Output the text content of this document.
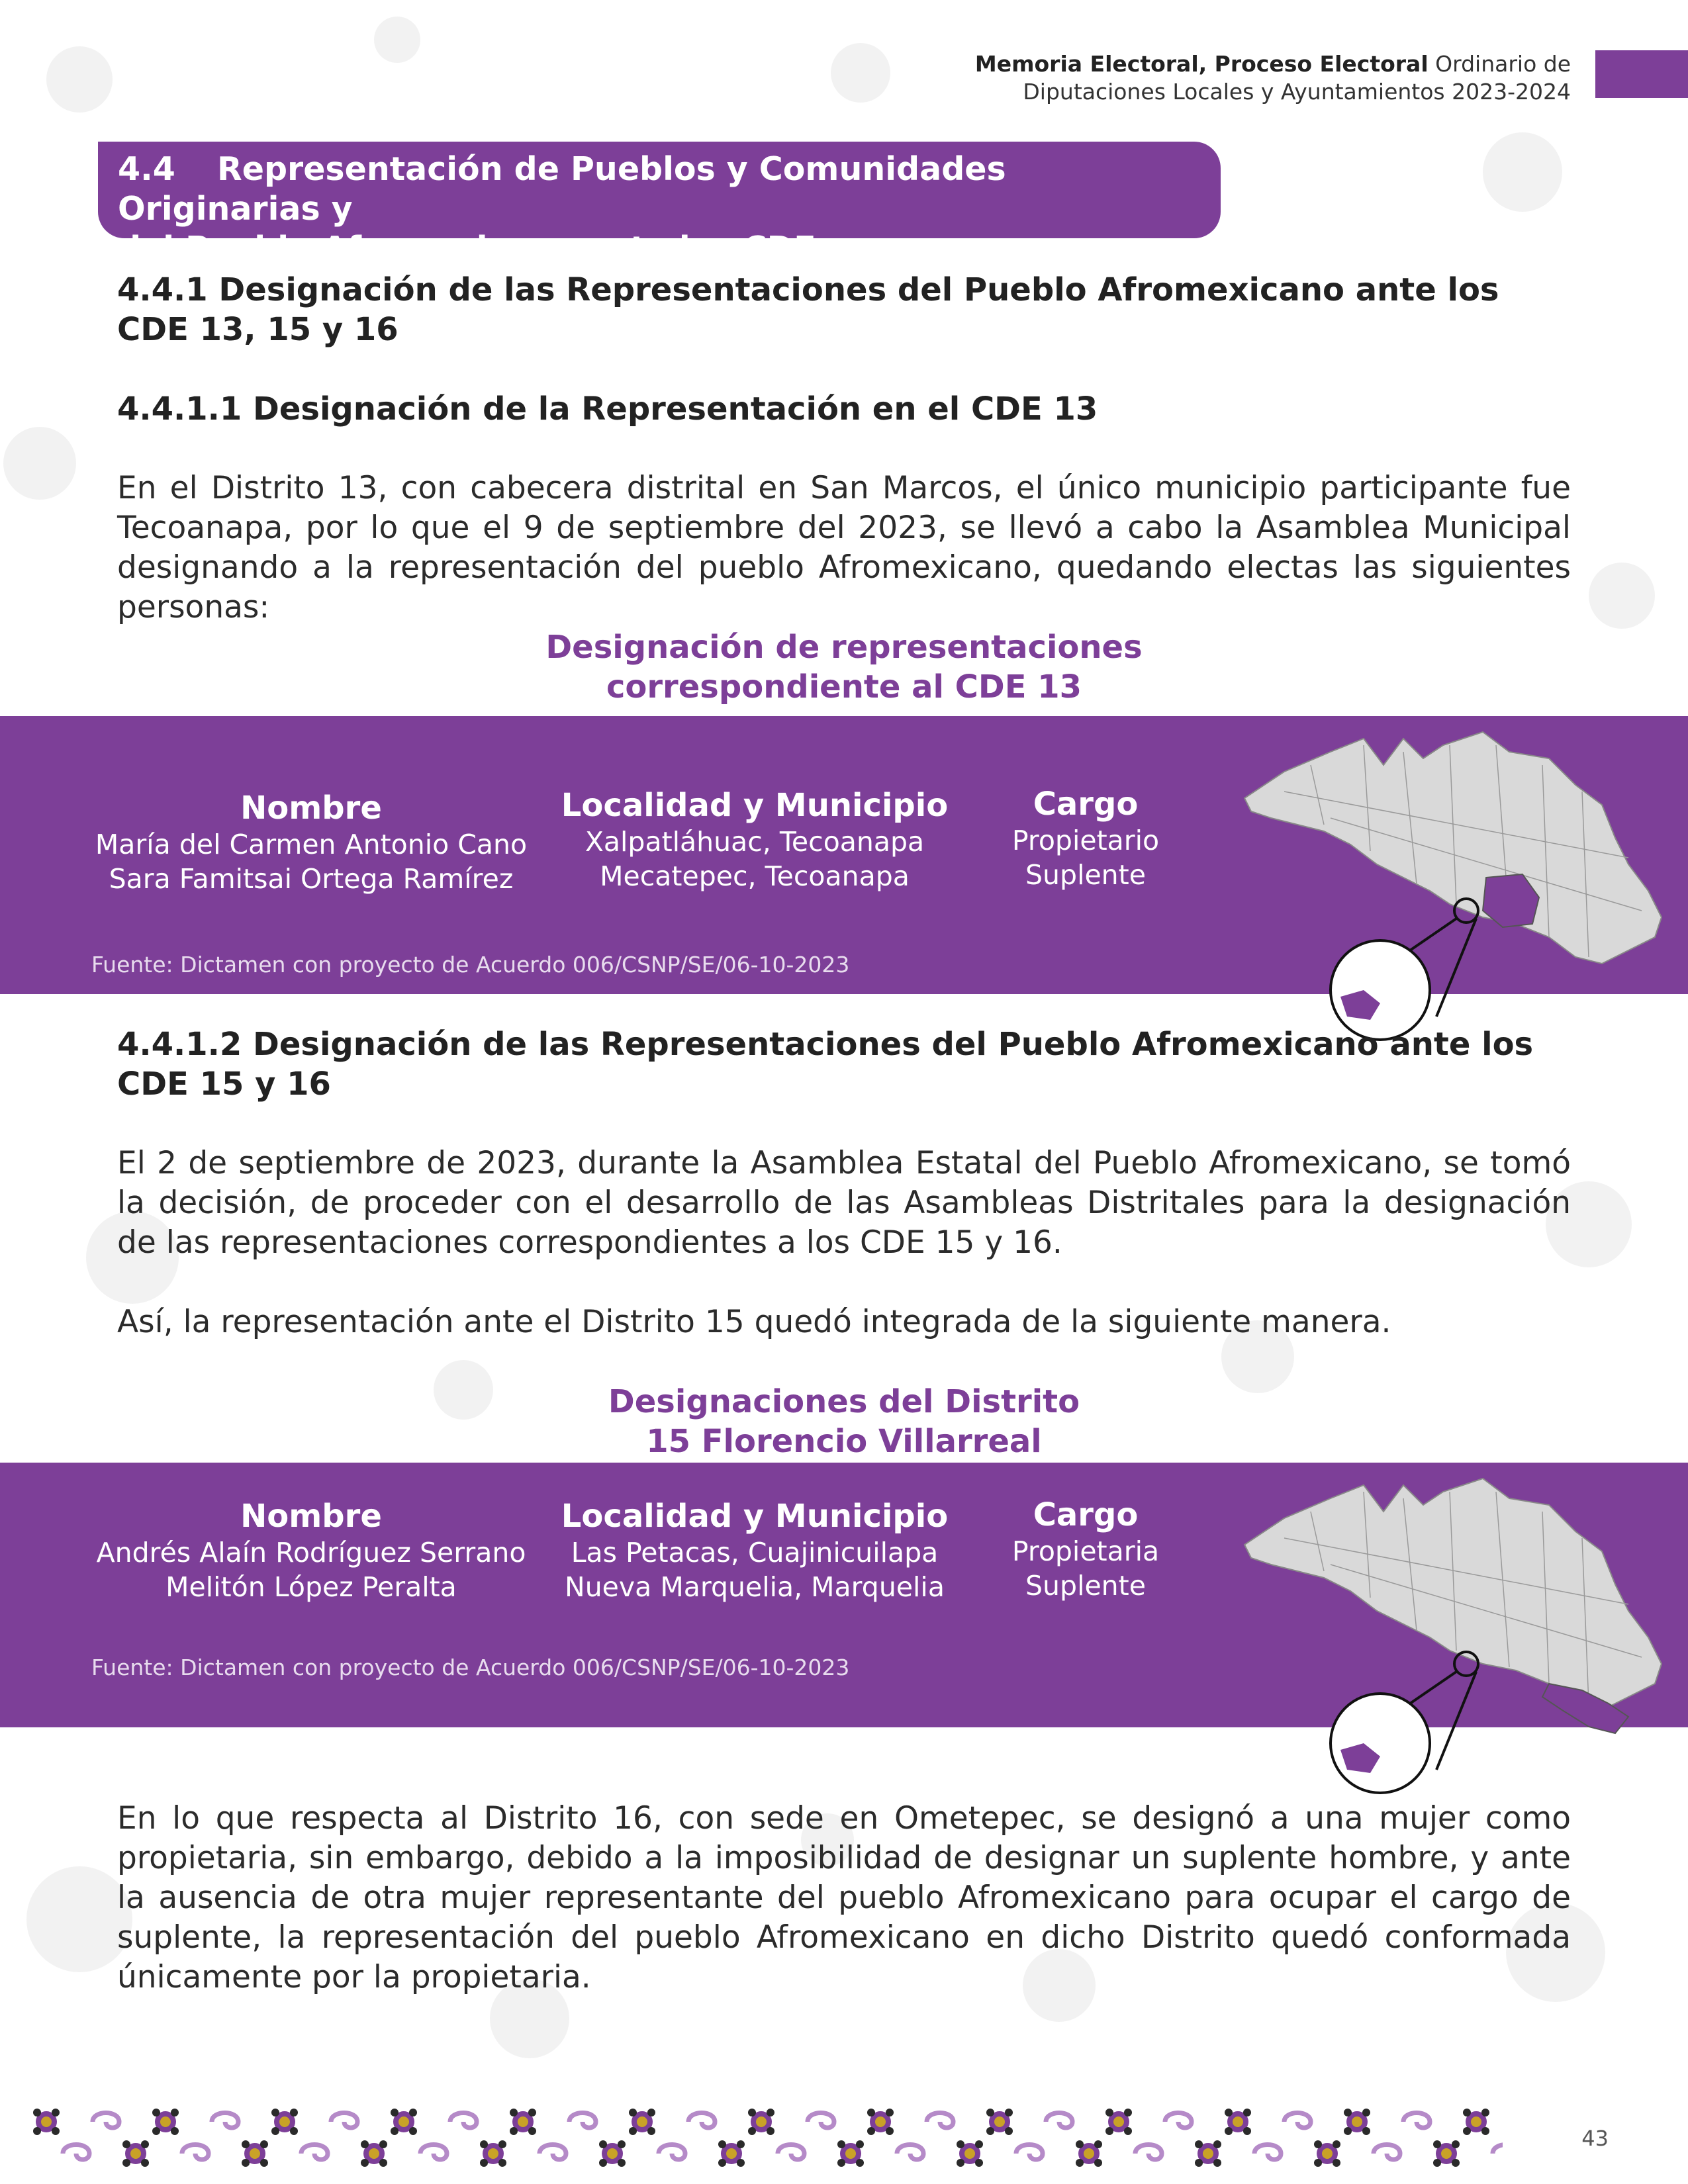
Memoria Electoral, Proceso Electoral Ordinario de
Diputaciones Locales y Ayuntamientos 2023-2024
4.4 Representación de Pueblos y Comunidades Originarias y
del Pueblo Afromexicano ante los CDE
4.4.1 Designación de las Representaciones del Pueblo Afromexicano ante los CDE 13, 15 y 16
4.4.1.1 Designación de la Representación en el CDE 13

En el Distrito 13, con cabecera distrital en San Marcos, el único municipio participante fue Tecoanapa, por lo que el 9 de septiembre del 2023, se llevó a cabo la Asamblea Municipal designando a la representación del pueblo Afromexicano, quedando electas las siguientes personas:

Designación de representaciones
correspondiente al CDE 13
Nombre
María del Carmen Antonio Cano
Sara Famitsai Ortega Ramírez
Localidad y Municipio
Xalpatláhuac, Tecoanapa
Mecatepec, Tecoanapa
Cargo
Propietario
Suplente
Fuente: Dictamen con proyecto de Acuerdo 006/CSNP/SE/06-10-2023
4.4.1.2 Designación de las Representaciones del Pueblo Afromexicano ante los CDE 15 y 16

El 2 de septiembre de 2023, durante la Asamblea Estatal del Pueblo Afromexicano, se tomó la decisión, de proceder con el desarrollo de las Asambleas Distritales para la designación de las representaciones correspondientes a los CDE 15 y 16.

Así, la representación ante el Distrito 15 quedó integrada de la siguiente manera.

Designaciones del Distrito
15 Florencio Villarreal
Nombre
Andrés Alaín Rodríguez Serrano
Melitón López Peralta
Localidad y Municipio
Las Petacas, Cuajinicuilapa
Nueva Marquelia, Marquelia
Cargo
Propietaria
Suplente
Fuente: Dictamen con proyecto de Acuerdo 006/CSNP/SE/06-10-2023

En lo que respecta al Distrito 16, con sede en Ometepec, se designó a una mujer como propietaria, sin embargo, debido a la imposibilidad de designar un suplente hombre, y ante la ausencia de otra mujer representante del pueblo Afromexicano para ocupar el cargo de suplente, la representación del pueblo Afromexicano en dicho Distrito quedó conformada únicamente por la propietaria.

43
